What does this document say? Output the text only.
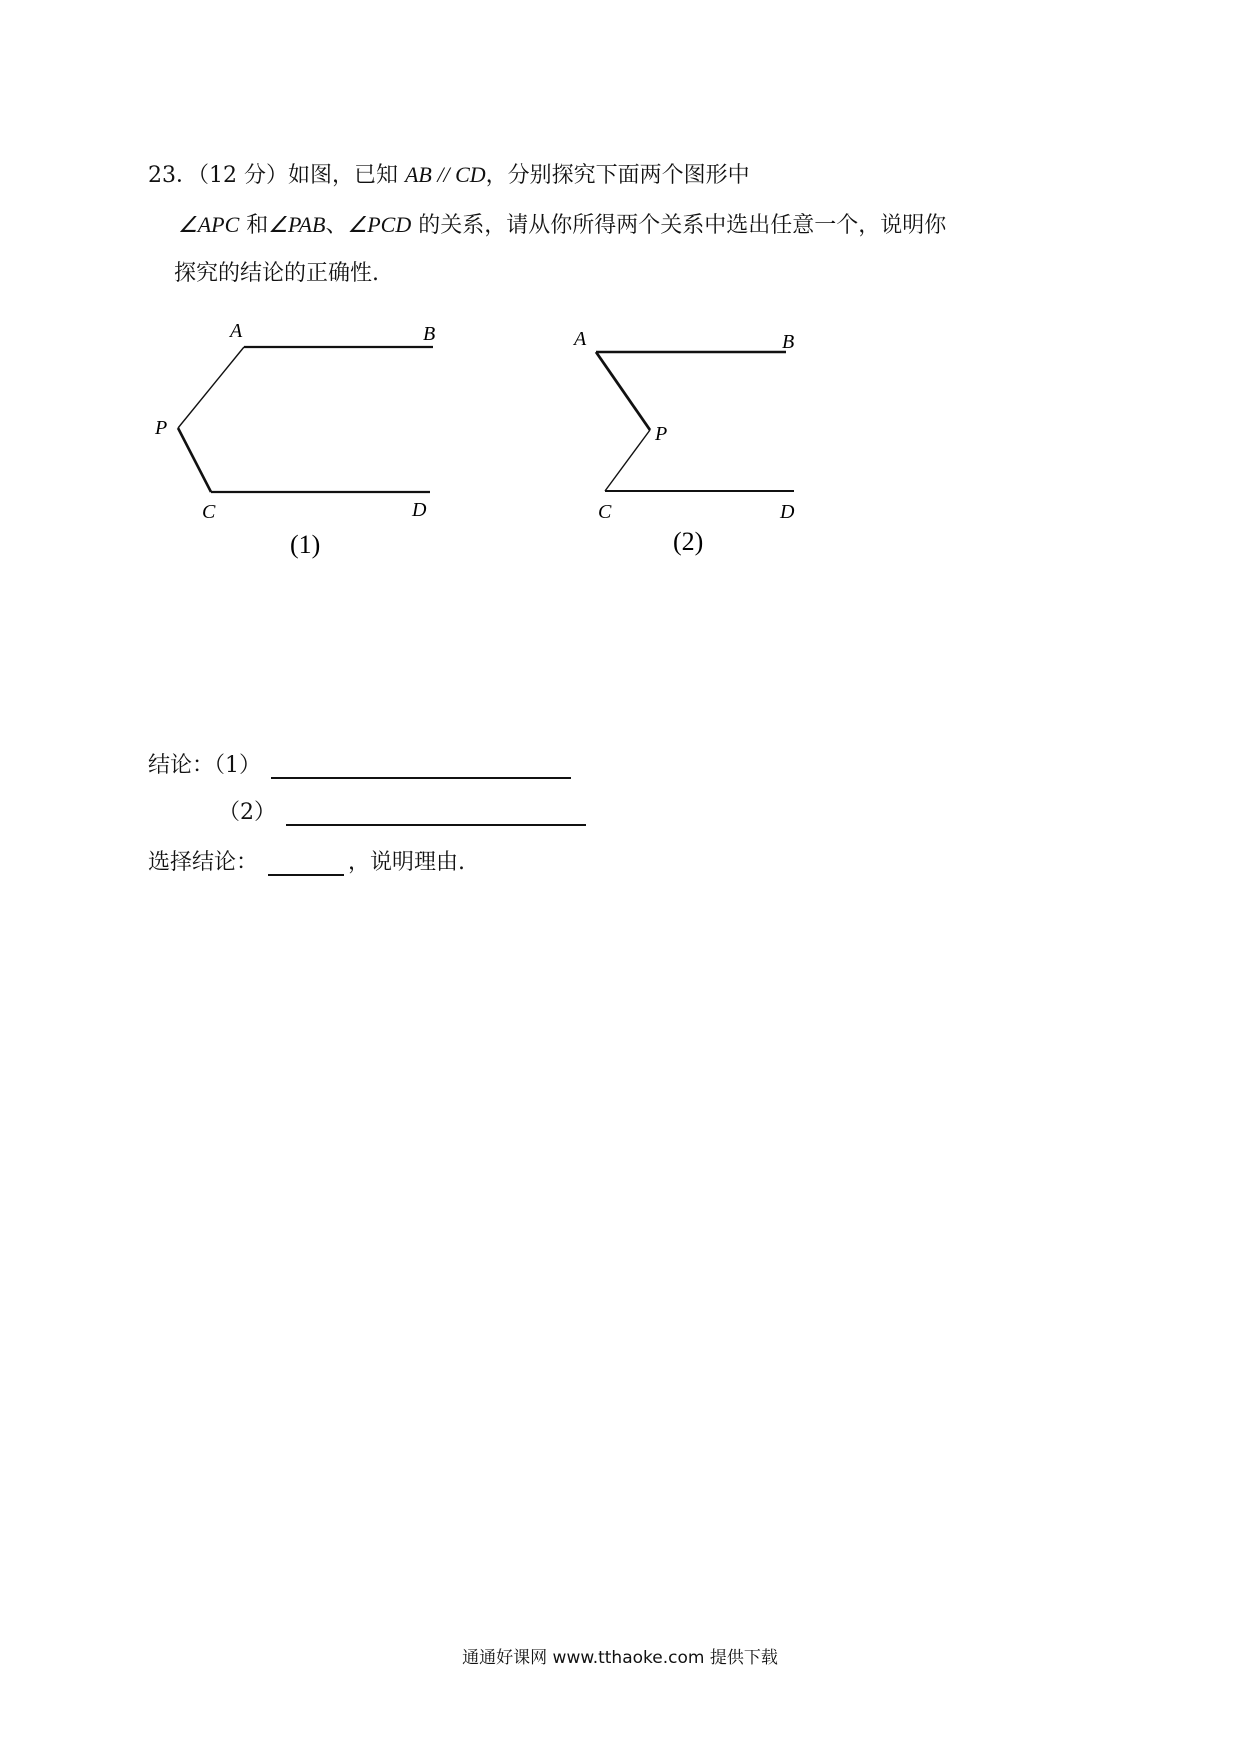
23．（12 分）如图，已知 AB // CD，分别探究下面两个图形中
∠APC 和∠PAB、∠PCD 的关系，请从你所得两个关系中选出任意一个，说明你
探究的结论的正确性.
A	B
P
C	D
(1)
A	B
P
C	D
(2)
结论：（1）
（2）
选择结论：	，说明理由.
通通好课网 www.tthaoke.com 提供下载
